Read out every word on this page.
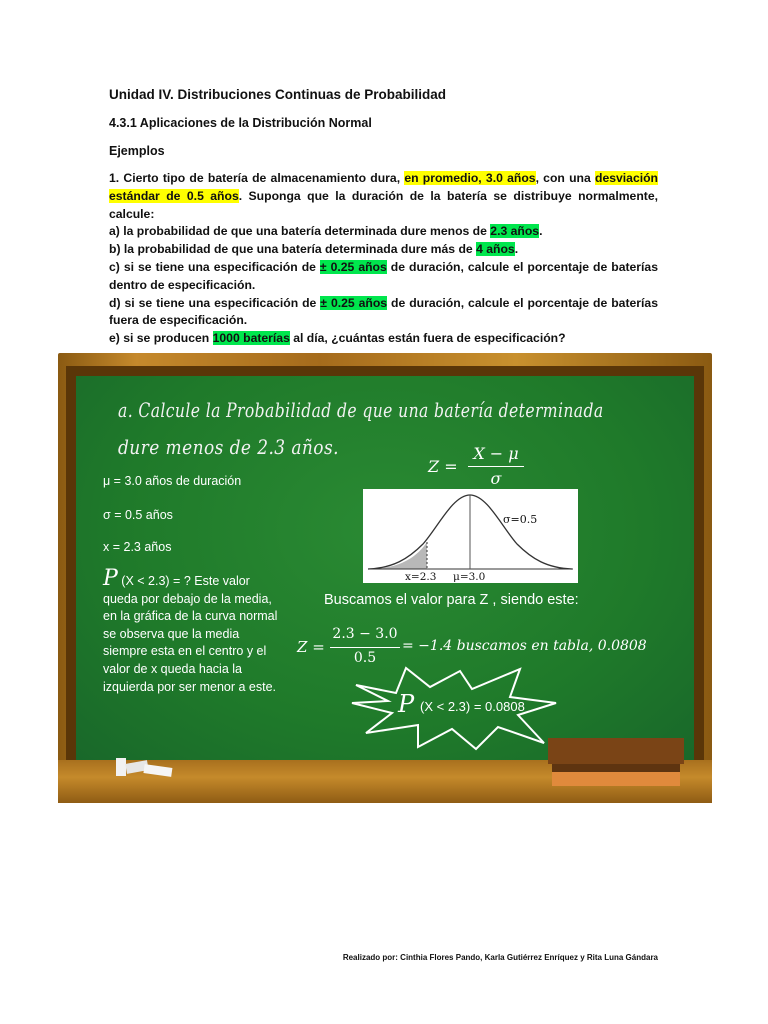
Unidad IV. Distribuciones Continuas de Probabilidad
4.3.1 Aplicaciones de la Distribución Normal
Ejemplos

1. Cierto tipo de batería de almacenamiento dura, en promedio, 3.0 años, con una desviación estándar de 0.5 años. Suponga que la duración de la batería se distribuye normalmente, calcule:

a) la probabilidad de que una batería determinada dure menos de 2.3 años.

b) la probabilidad de que una batería determinada dure más de 4 años.

c) si se tiene una especificación de ± 0.25 años de duración, calcule el porcentaje de baterías dentro de especificación.

d) si se tiene una especificación de ± 0.25 años de duración, calcule el porcentaje de baterías fuera de especificación.

e) si se producen 1000 baterías al día, ¿cuántas están fuera de especificación?

a. Calcule la Probabilidad de que una batería determinada
dure menos de 2.3 años.
μ = 3.0 años de duración
σ = 0.5 años
x = 2.3 años
P (X < 2.3) = ? Este valor queda por debajo de la media, en la gráfica de la curva normal se observa que la media siempre esta en el centro y el valor de x queda hacia la izquierda por ser menor a este.
Z =
X − μ
σ
σ=0.5
x=2.3 μ=3.0
Buscamos el valor para Z , siendo este:
Z =
2.3 − 3.0
0.5
= −1.4 buscamos en tabla, 0.0808
P (X < 2.3) = 0.0808
Realizado por: Cinthia Flores Pando, Karla Gutiérrez Enríquez y Rita Luna Gándara
